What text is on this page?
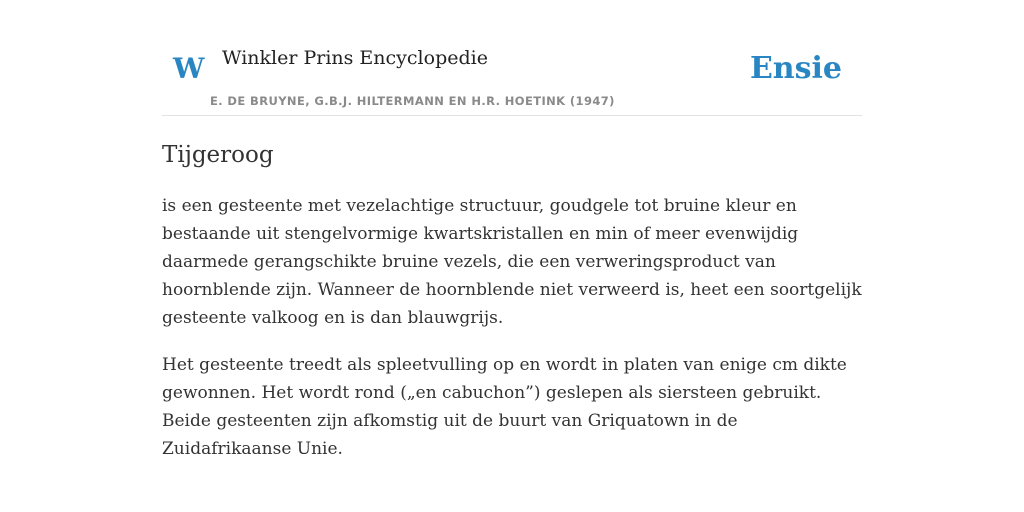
W Winkler Prins Encyclopedie
E. DE BRUYNE, G.B.J. HILTERMANN EN H.R. HOETINK (1947)
Ensie
Tijgeroog

is een gesteente met vezelachtige structuur, goudgele tot bruine kleur en bestaande uit stengelvormige kwartskristallen en min of meer evenwijdig daarmede gerangschikte bruine vezels, die een verweringsproduct van hoornblende zijn. Wanneer de hoornblende niet verweerd is, heet een soortgelijk gesteente valkoog en is dan blauwgrijs.

Het gesteente treedt als spleetvulling op en wordt in platen van enige cm dikte gewonnen. Het wordt rond („en cabuchon”) geslepen als siersteen gebruikt. Beide gesteenten zijn afkomstig uit de buurt van Griquatown in de Zuidafrikaanse Unie.
